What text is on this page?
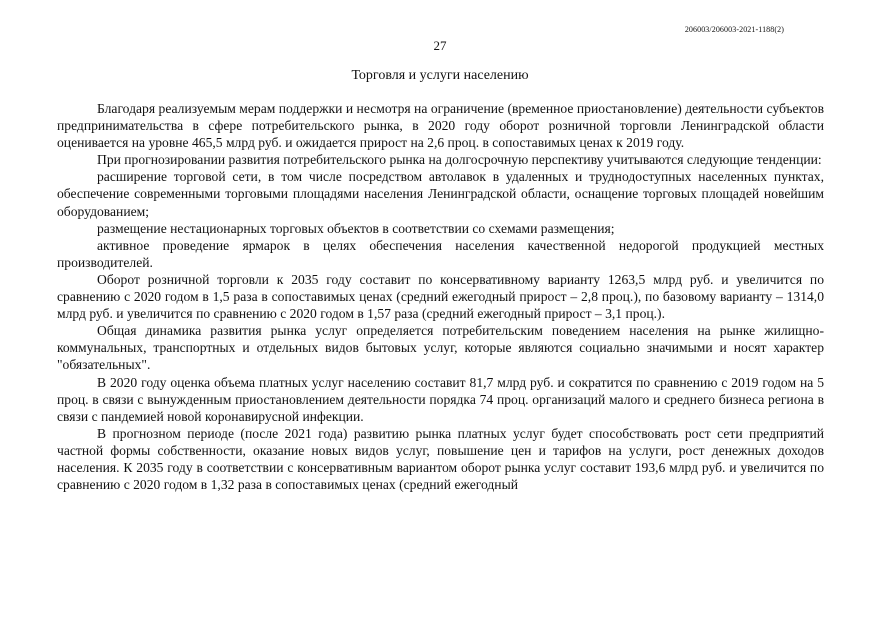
206003/206003-2021-1188(2)
27
Торговля и услуги населению

Благодаря реализуемым мерам поддержки и несмотря на ограничение (временное приостановление) деятельности субъектов предпринимательства в сфере потребительского рынка, в 2020 году оборот розничной торговли Ленинградской области оценивается на уровне 465,5 млрд руб. и ожидается прирост на 2,6 проц. в сопоставимых ценах к 2019 году.

При прогнозировании развития потребительского рынка на долгосрочную перспективу учитываются следующие тенденции:

расширение торговой сети, в том числе посредством автолавок в удаленных и труднодоступных населенных пунктах, обеспечение современными торговыми площадями населения Ленинградской области, оснащение торговых площадей новейшим оборудованием;

размещение нестационарных торговых объектов в соответствии со схемами размещения;

активное проведение ярмарок в целях обеспечения населения качественной недорогой продукцией местных производителей.

Оборот розничной торговли к 2035 году составит по консервативному варианту 1263,5 млрд руб. и увеличится по сравнению с 2020 годом в 1,5 раза в сопоставимых ценах (средний ежегодный прирост – 2,8 проц.), по базовому варианту – 1314,0 млрд руб. и увеличится по сравнению с 2020 годом в 1,57 раза (средний ежегодный прирост – 3,1 проц.).

Общая динамика развития рынка услуг определяется потребительским поведением населения на рынке жилищно-коммунальных, транспортных и отдельных видов бытовых услуг, которые являются социально значимыми и носят характер "обязательных".

В 2020 году оценка объема платных услуг населению составит 81,7 млрд руб. и сократится по сравнению с 2019 годом на 5 проц. в связи с вынужденным приостановлением деятельности порядка 74 проц. организаций малого и среднего бизнеса региона в связи с пандемией новой коронавирусной инфекции.

В прогнозном периоде (после 2021 года) развитию рынка платных услуг будет способствовать рост сети предприятий частной формы собственности, оказание новых видов услуг, повышение цен и тарифов на услуги, рост денежных доходов населения. К 2035 году в соответствии с консервативным вариантом оборот рынка услуг составит 193,6 млрд руб. и увеличится по сравнению с 2020 годом в 1,32 раза в сопоставимых ценах (средний ежегодный
